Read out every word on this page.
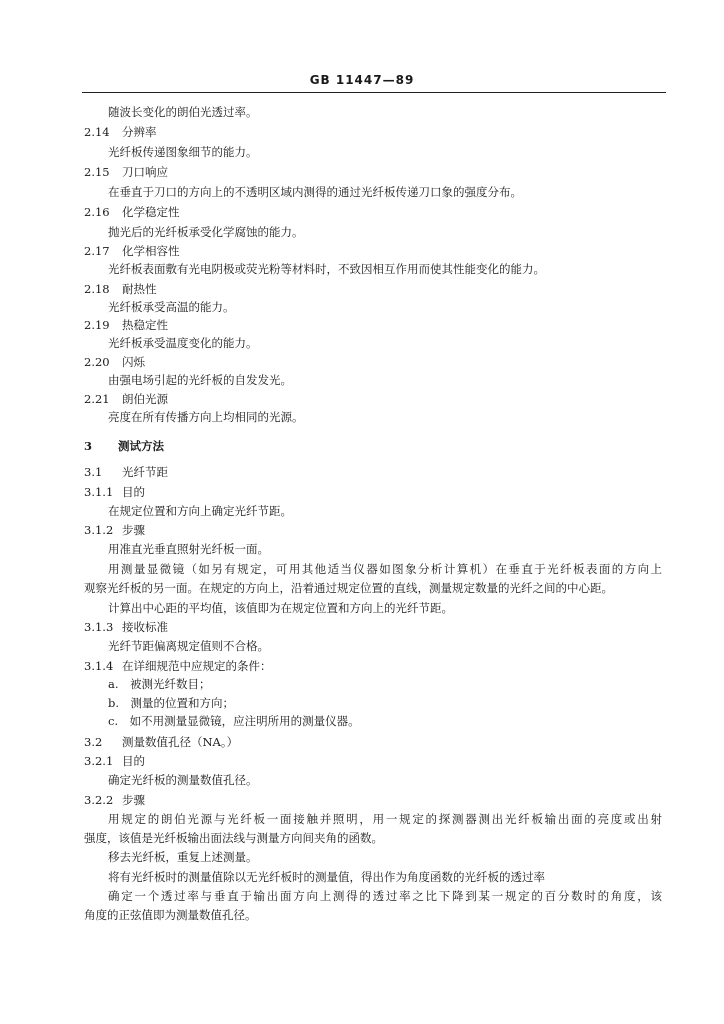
GB 11447—89
随波长变化的朗伯光透过率。
2.14 分辨率
光纤板传递图象细节的能力。
2.15 刀口响应
在垂直于刀口的方向上的不透明区域内测得的通过光纤板传递刀口象的强度分布。
2.16 化学稳定性
抛光后的光纤板承受化学腐蚀的能力。
2.17 化学相容性
光纤板表面敷有光电阴极或荧光粉等材料时，不致因相互作用而使其性能变化的能力。
2.18 耐热性
光纤板承受高温的能力。
2.19 热稳定性
光纤板承受温度变化的能力。
2.20 闪烁
由强电场引起的光纤板的自发发光。
2.21 朗伯光源
亮度在所有传播方向上均相同的光源。
3 测试方法
3.1 光纤节距
3.1.1 目的
在规定位置和方向上确定光纤节距。
3.1.2 步骤
用准直光垂直照射光纤板一面。
用测量显微镜（如另有规定，可用其他适当仪器如图象分析计算机）在垂直于光纤板表面的方向上
观察光纤板的另一面。在规定的方向上，沿着通过规定位置的直线，测量规定数量的光纤之间的中心距。
计算出中心距的平均值，该值即为在规定位置和方向上的光纤节距。
3.1.3 接收标准
光纤节距偏离规定值则不合格。
3.1.4 在详细规范中应规定的条件：
a.　被测光纤数目；
b.　测量的位置和方向；
c.　如不用测量显微镜，应注明所用的测量仪器。
3.2 测量数值孔径（NA。）
3.2.1 目的
确定光纤板的测量数值孔径。
3.2.2 步骤
用规定的朗伯光源与光纤板一面接触并照明，用一规定的探测器测出光纤板输出面的亮度或出射
强度，该值是光纤板输出面法线与测量方向间夹角的函数。
移去光纤板，重复上述测量。
将有光纤板时的测量值除以无光纤板时的测量值，得出作为角度函数的光纤板的透过率
确定一个透过率与垂直于输出面方向上测得的透过率之比下降到某一规定的百分数时的角度，该
角度的正弦值即为测量数值孔径。
